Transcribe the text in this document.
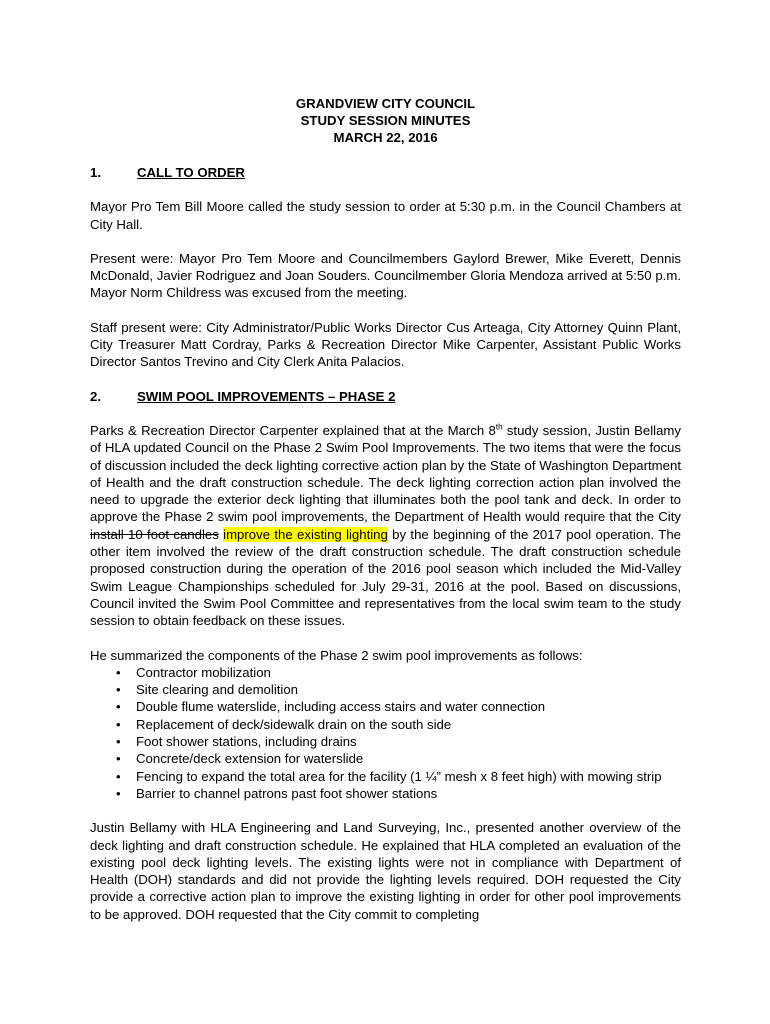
GRANDVIEW CITY COUNCIL
STUDY SESSION MINUTES
MARCH 22, 2016
1.	CALL TO ORDER

Mayor Pro Tem Bill Moore called the study session to order at 5:30 p.m. in the Council Chambers at City Hall.

Present were: Mayor Pro Tem Moore and Councilmembers Gaylord Brewer, Mike Everett, Dennis McDonald, Javier Rodriguez and Joan Souders. Councilmember Gloria Mendoza arrived at 5:50 p.m. Mayor Norm Childress was excused from the meeting.

Staff present were: City Administrator/Public Works Director Cus Arteaga, City Attorney Quinn Plant, City Treasurer Matt Cordray, Parks & Recreation Director Mike Carpenter, Assistant Public Works Director Santos Trevino and City Clerk Anita Palacios.

2.	SWIM POOL IMPROVEMENTS – PHASE 2

Parks & Recreation Director Carpenter explained that at the March 8th study session, Justin Bellamy of HLA updated Council on the Phase 2 Swim Pool Improvements. The two items that were the focus of discussion included the deck lighting corrective action plan by the State of Washington Department of Health and the draft construction schedule. The deck lighting correction action plan involved the need to upgrade the exterior deck lighting that illuminates both the pool tank and deck. In order to approve the Phase 2 swim pool improvements, the Department of Health would require that the City install 10 foot candles improve the existing lighting by the beginning of the 2017 pool operation. The other item involved the review of the draft construction schedule. The draft construction schedule proposed construction during the operation of the 2016 pool season which included the Mid-Valley Swim League Championships scheduled for July 29-31, 2016 at the pool. Based on discussions, Council invited the Swim Pool Committee and representatives from the local swim team to the study session to obtain feedback on these issues.

He summarized the components of the Phase 2 swim pool improvements as follows:

• Contractor mobilization
• Site clearing and demolition
• Double flume waterslide, including access stairs and water connection
• Replacement of deck/sidewalk drain on the south side
• Foot shower stations, including drains
• Concrete/deck extension for waterslide
• Fencing to expand the total area for the facility (1 ¼” mesh x 8 feet high) with mowing strip
• Barrier to channel patrons past foot shower stations

Justin Bellamy with HLA Engineering and Land Surveying, Inc., presented another overview of the deck lighting and draft construction schedule. He explained that HLA completed an evaluation of the existing pool deck lighting levels. The existing lights were not in compliance with Department of Health (DOH) standards and did not provide the lighting levels required. DOH requested the City provide a corrective action plan to improve the existing lighting in order for other pool improvements to be approved. DOH requested that the City commit to completing
